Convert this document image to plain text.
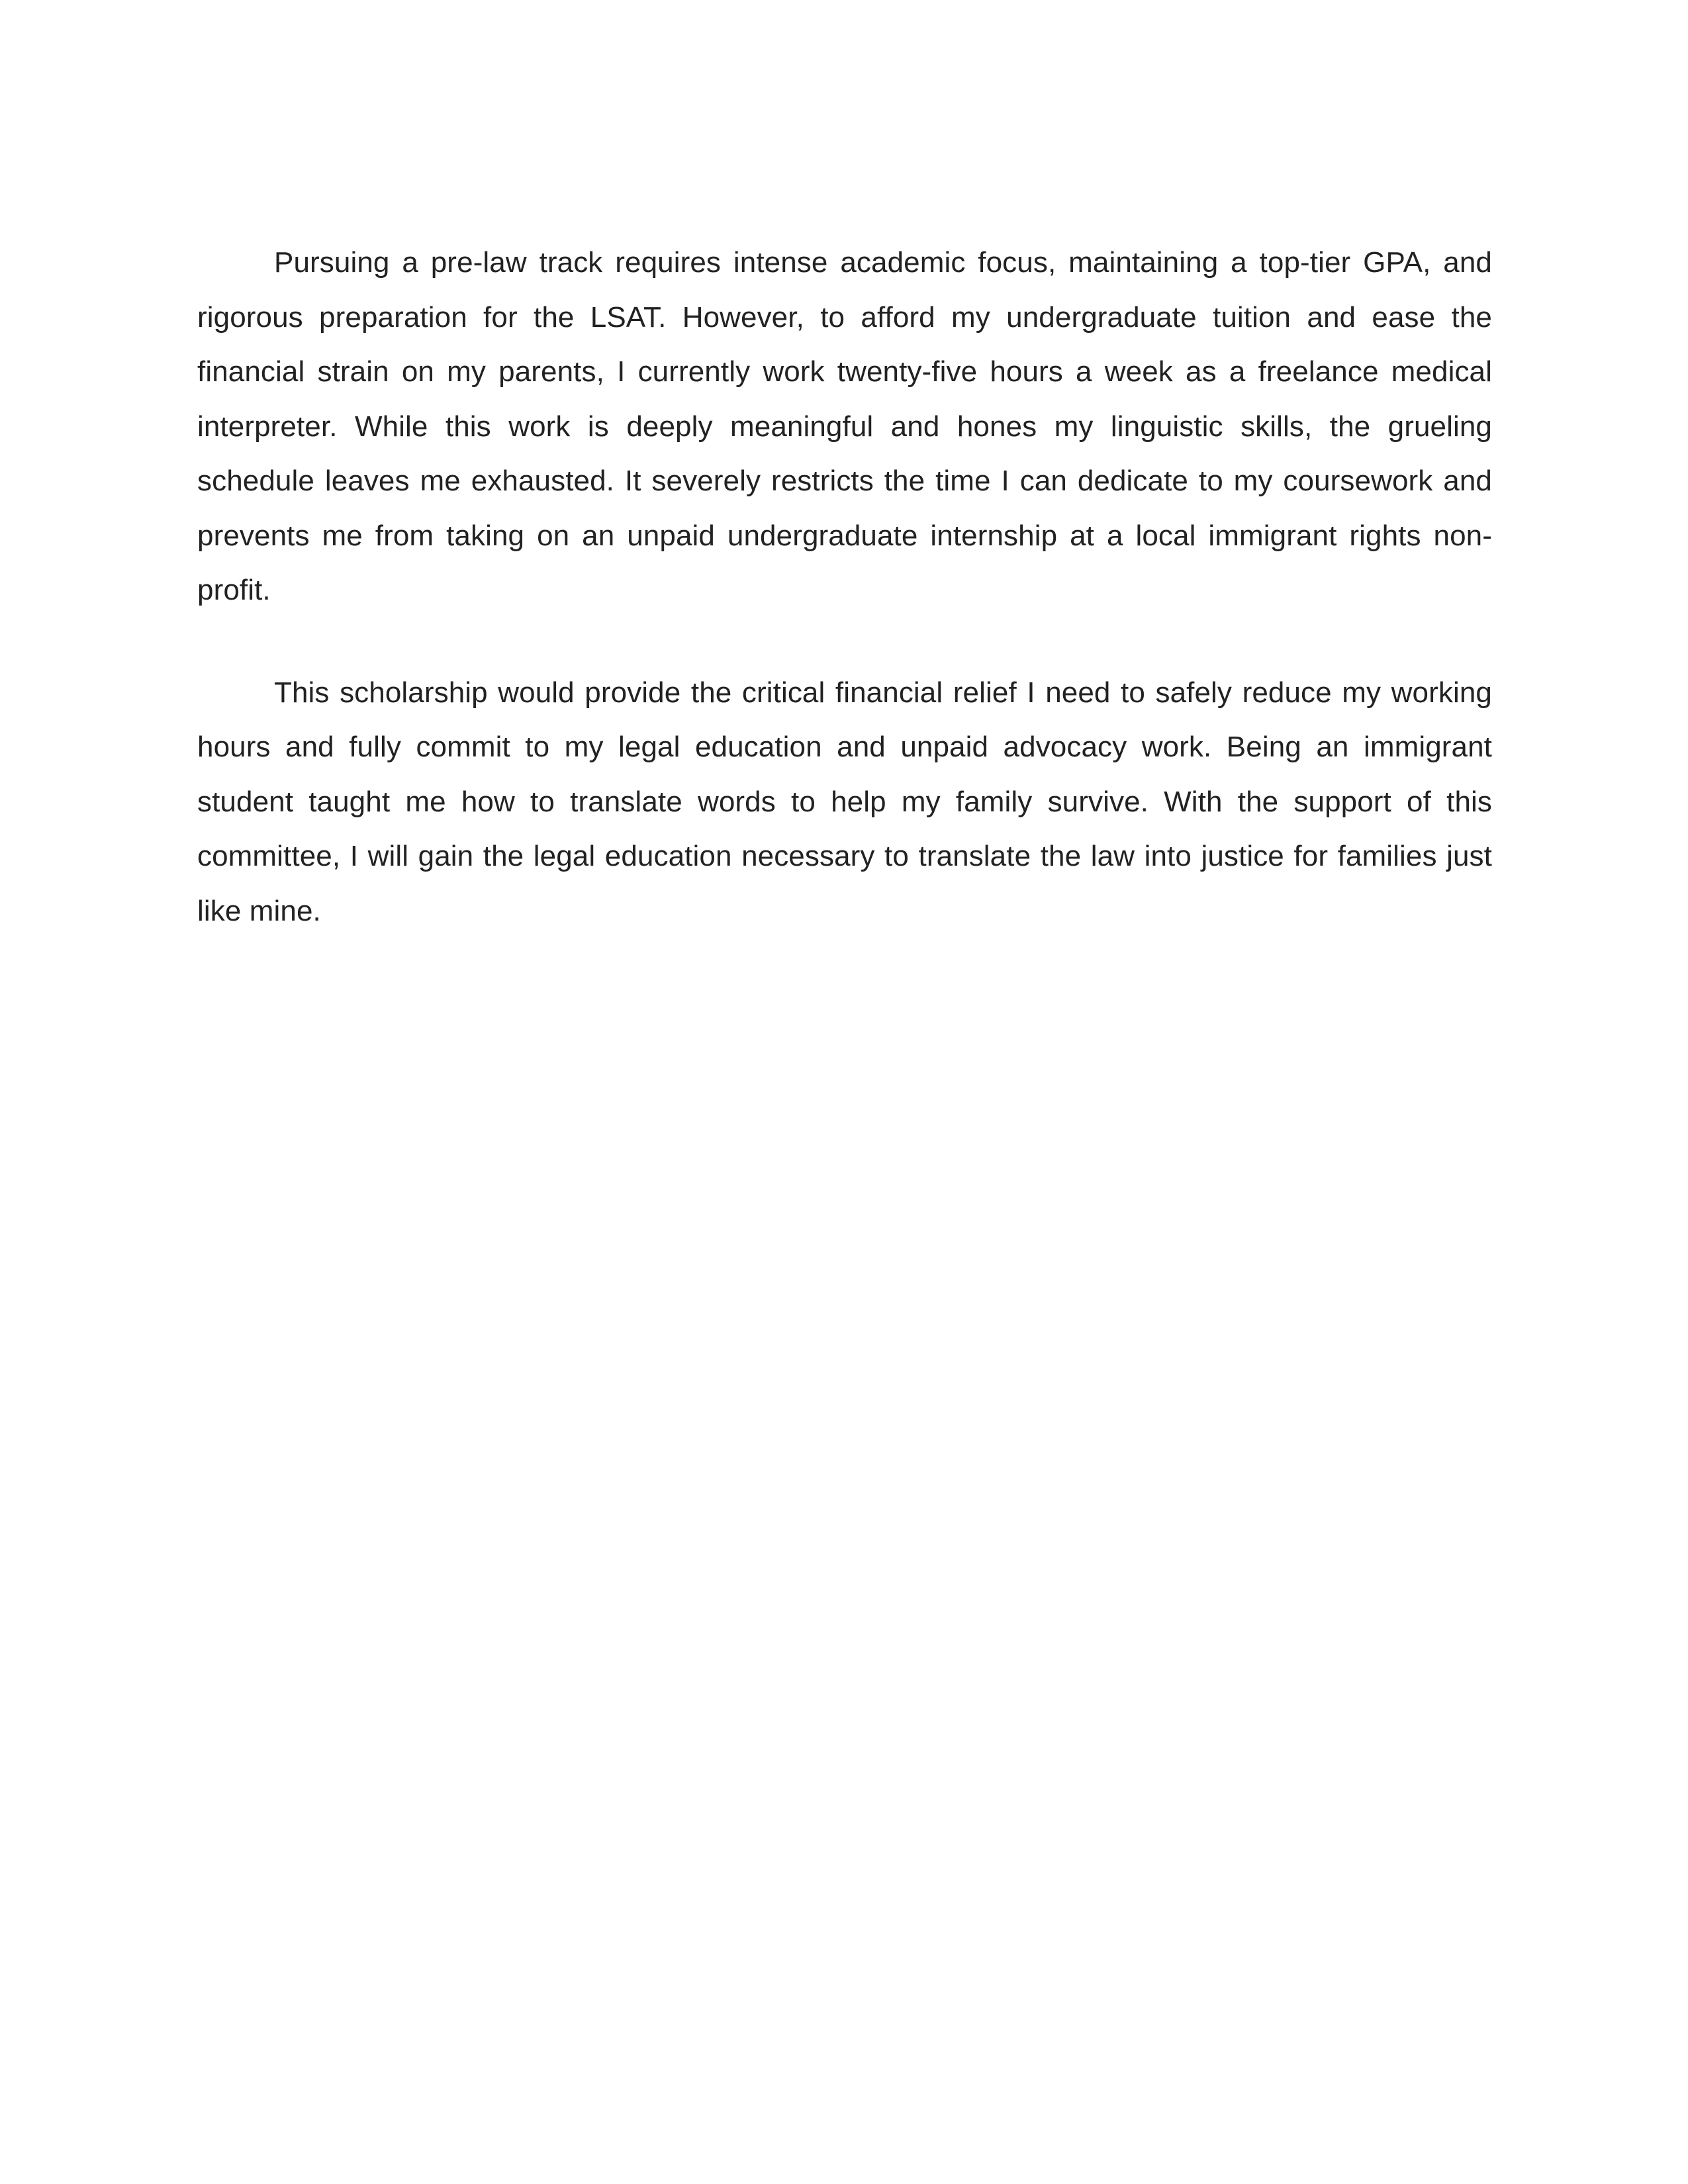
Pursuing a pre-law track requires intense academic focus, maintaining a top-tier GPA, and rigorous preparation for the LSAT. However, to afford my undergraduate tuition and ease the financial strain on my parents, I currently work twenty-five hours a week as a freelance medical interpreter. While this work is deeply meaningful and hones my linguistic skills, the grueling schedule leaves me exhausted. It severely restricts the time I can dedicate to my coursework and prevents me from taking on an unpaid undergraduate internship at a local immigrant rights non-profit.

This scholarship would provide the critical financial relief I need to safely reduce my working hours and fully commit to my legal education and unpaid advocacy work. Being an immigrant student taught me how to translate words to help my family survive. With the support of this committee, I will gain the legal education necessary to translate the law into justice for families just like mine.
